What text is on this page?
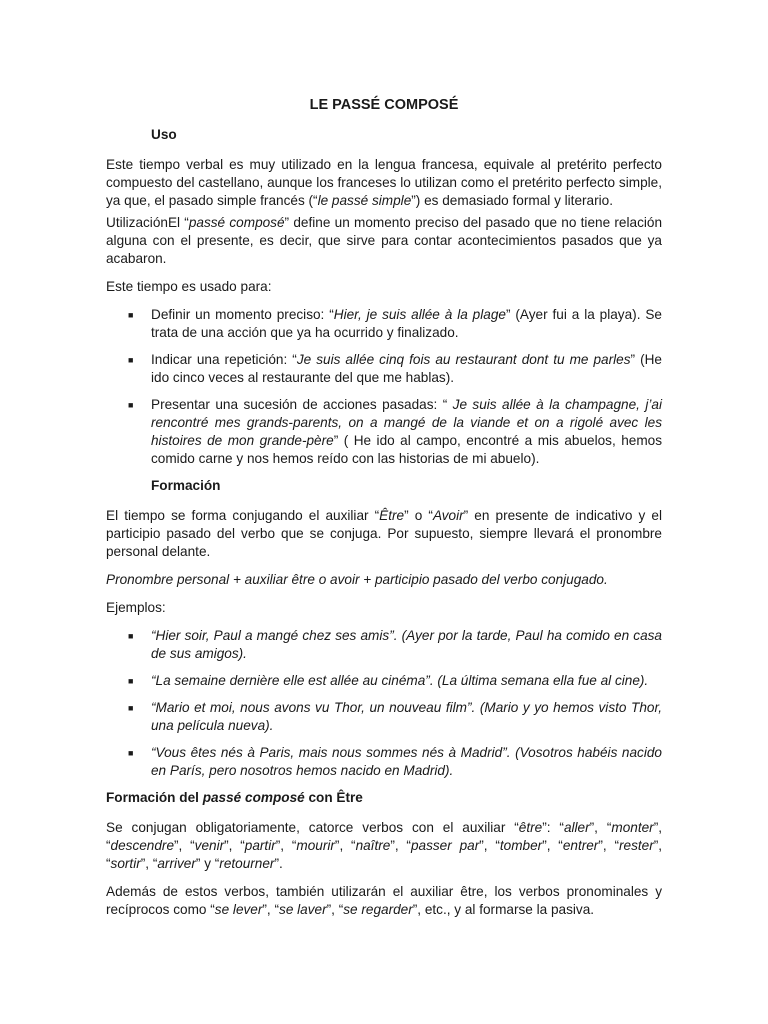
LE PASSÉ COMPOSÉ
Uso

Este tiempo verbal es muy utilizado en la lengua francesa, equivale al pretérito perfecto compuesto del castellano, aunque los franceses lo utilizan como el pretérito perfecto simple, ya que, el pasado simple francés (“le passé simple”) es demasiado formal y literario.

UtilizaciónEl “passé composé” define un momento preciso del pasado que no tiene relación alguna con el presente, es decir, que sirve para contar acontecimientos pasados que ya acabaron.

Este tiempo es usado para:

■ Definir un momento preciso: “Hier, je suis allée à la plage” (Ayer fui a la playa). Se trata de una acción que ya ha ocurrido y finalizado.
■ Indicar una repetición: “Je suis allée cinq fois au restaurant dont tu me parles” (He ido cinco veces al restaurante del que me hablas).
■ Presentar una sucesión de acciones pasadas: “ Je suis allée à la champagne, j’ai rencontré mes grands-parents, on a mangé de la viande et on a rigolé avec les histoires de mon grande-père” ( He ido al campo, encontré a mis abuelos, hemos comido carne y nos hemos reído con las historias de mi abuelo).
Formación

El tiempo se forma conjugando el auxiliar “Être” o “Avoir” en presente de indicativo y el participio pasado del verbo que se conjuga. Por supuesto, siempre llevará el pronombre personal delante.

Pronombre personal + auxiliar être o avoir + participio pasado del verbo conjugado.

Ejemplos:

■ “Hier soir, Paul a mangé chez ses amis”. (Ayer por la tarde, Paul ha comido en casa de sus amigos).
■ “La semaine dernière elle est allée au cinéma”. (La última semana ella fue al cine).
■ “Mario et moi, nous avons vu Thor, un nouveau film”. (Mario y yo hemos visto Thor, una película nueva).
■ “Vous êtes nés à Paris, mais nous sommes nés à Madrid”. (Vosotros habéis nacido en París, pero nosotros hemos nacido en Madrid).
Formación del passé composé con Être

Se conjugan obligatoriamente, catorce verbos con el auxiliar “être”: “aller”, “monter”, “descendre”, “venir”, “partir”, “mourir”, “naître”, “passer par”, “tomber”, “entrer”, “rester”, “sortir”, “arriver” y “retourner”.

Además de estos verbos, también utilizarán el auxiliar être, los verbos pronominales y recíprocos como “se lever”, “se laver”, “se regarder”, etc., y al formarse la pasiva.
